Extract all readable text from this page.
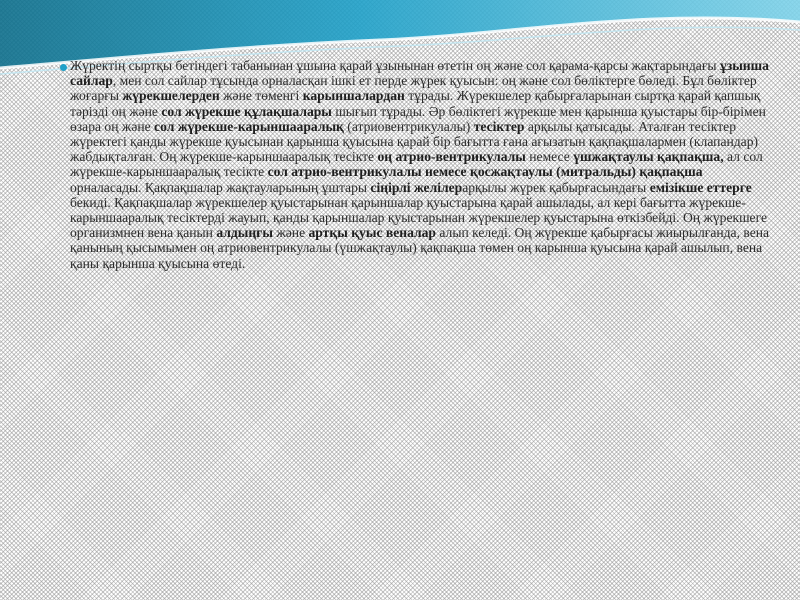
Жүректің сыртқы бетіндегі табанынан ұшына қарай ұзынынан өтетін оң және сол қарама-қарсы жақтарындағы ұзынша сайлар, мен сол сайлар тұсында орналасқан ішкі ет перде жүрек қуысын: оң және сол бөліктерге бөледі. Бұл бөліктер жоғарғы жүрекшелерден және төменгі карыншалардан тұрады. Жүрекшелер қабырғаларынан сыртқа қарай қапшық тәрізді оң және сол жүрекше құлақшалары шығып тұрады. Әр бөліктегі жүрекше мен қарынша қуыстары бір-бірімен өзара оң және сол жүрекше-карыншааралық (атриовентрикулалы) тесіктер арқылы қатысады. Аталған тесіктер жүректегі қанды жүрекше қуысынан қарынша қуысына қарай бір бағытта ғана ағызатын қақпақшалармен (клапандар) жабдықталған. Оң жүрекше-карыншааралық тесікте оң атрио-вентрикулалы немесе үшжақтаулы қақпақша, ал сол жүрекше-карыншааралық тесікте сол атрио-вентрикулалы немесе қосжақтаулы (митральды) қақпақша орналасады. Қақпақшалар жақтауларының ұштары сіңірлі желілерарқылы жүрек қабырғасындағы емізікше еттерге бекиді. Қақпақшалар жүрекшелер қуыстарынан қарыншалар қуыстарына қарай ашылады, ал кері бағытта жүрекше-карыншааралық тесіктерді жауып, қанды қарыншалар қуыстарынан жүрекшелер қуыстарына өткізбейді. Оң жүрекшеге организмнен вена қанын алдыңғы және артқы қуыс веналар алып келеді. Оң жүрекше қабырғасы жиырылғанда, вена қанының қысымымен оң атриовентрикулалы (үшжақтаулы) қақпақша төмен оң карынша қуысына қарай ашылып, вена қаны қарынша қуысына өтеді.
